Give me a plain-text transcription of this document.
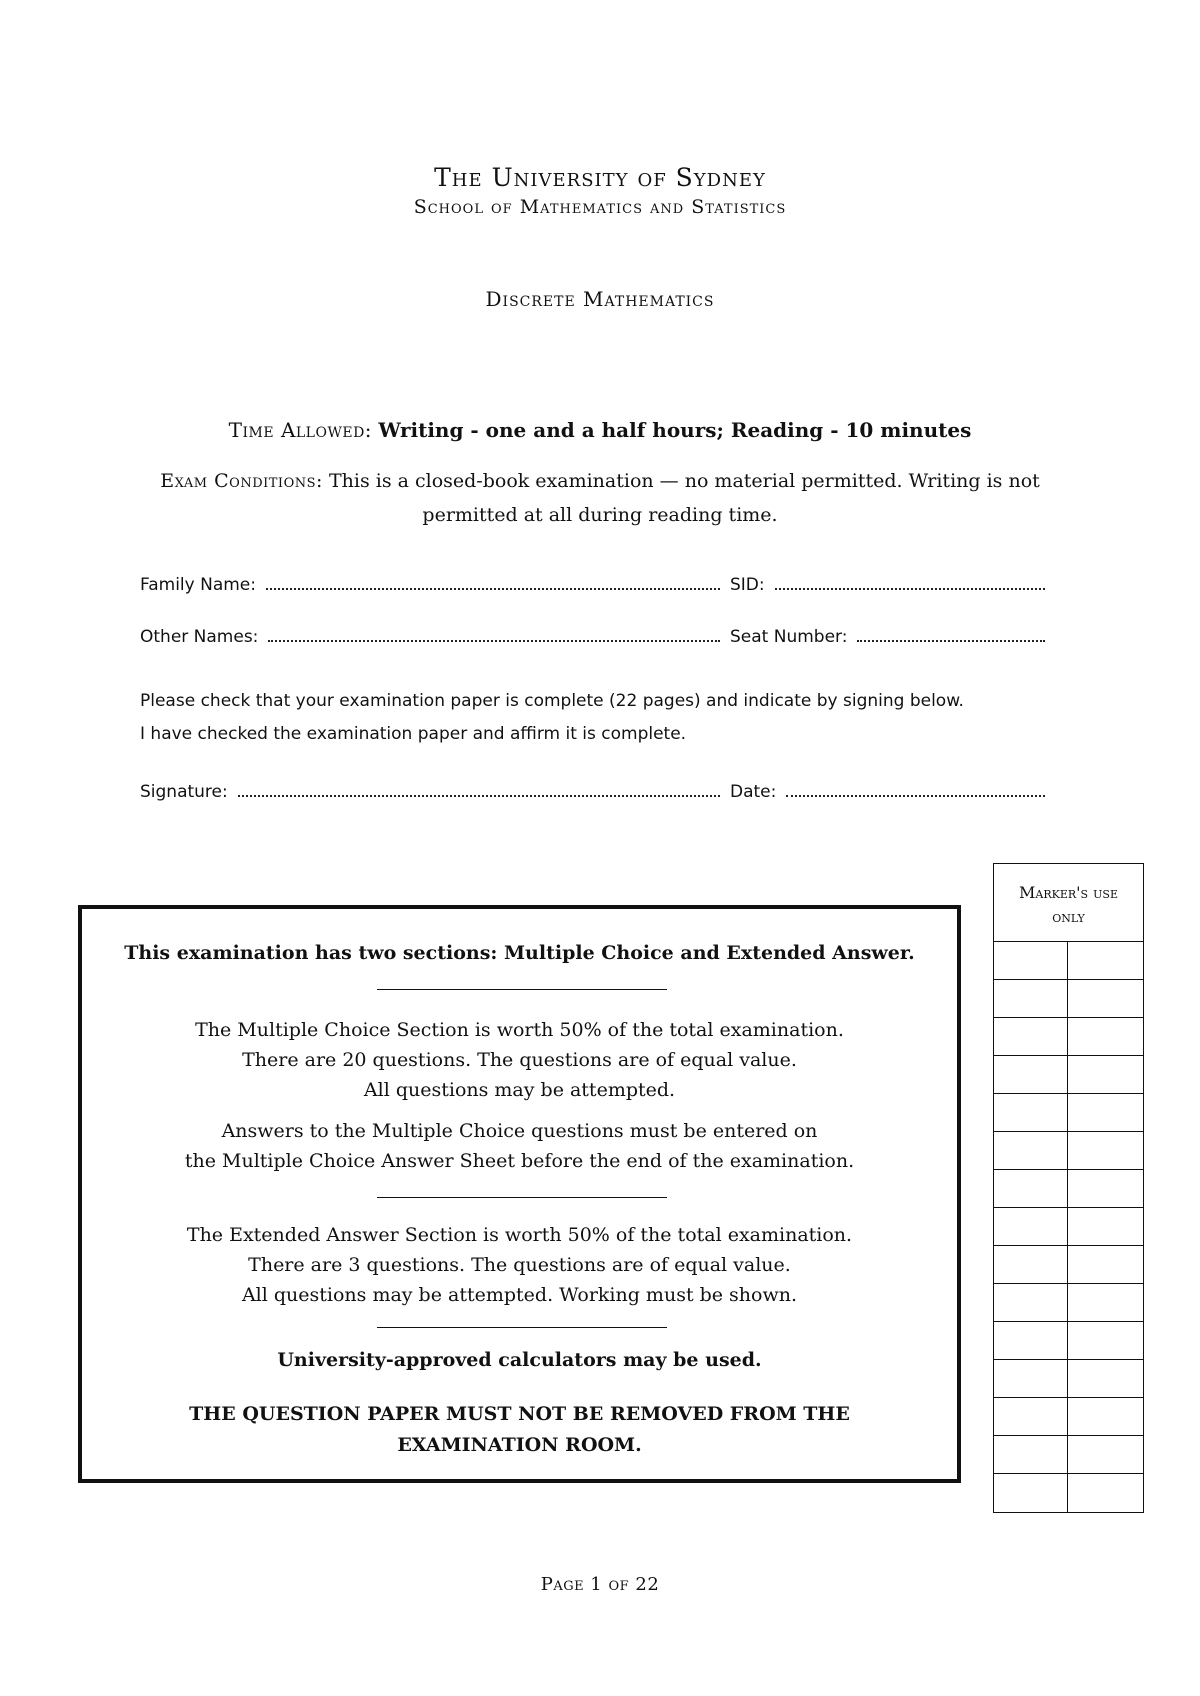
The University of Sydney
School of Mathematics and Statistics
Discrete Mathematics
Time Allowed: Writing - one and a half hours; Reading - 10 minutes
Exam Conditions: This is a closed-book examination — no material permitted. Writing is not permitted at all during reading time.
Family Name:	SID:
Other Names:	Seat Number:
Please check that your examination paper is complete (22 pages) and indicate by signing below.
I have checked the examination paper and affirm it is complete.
Signature:	Date:
This examination has two sections: Multiple Choice and Extended Answer.
The Multiple Choice Section is worth 50% of the total examination.
There are 20 questions. The questions are of equal value.
All questions may be attempted.
Answers to the Multiple Choice questions must be entered on
the Multiple Choice Answer Sheet before the end of the examination.
The Extended Answer Section is worth 50% of the total examination.
There are 3 questions. The questions are of equal value.
All questions may be attempted. Working must be shown.
University-approved calculators may be used.
THE QUESTION PAPER MUST NOT BE REMOVED FROM THE
EXAMINATION ROOM.
Marker's use
only
Page 1 of 22
